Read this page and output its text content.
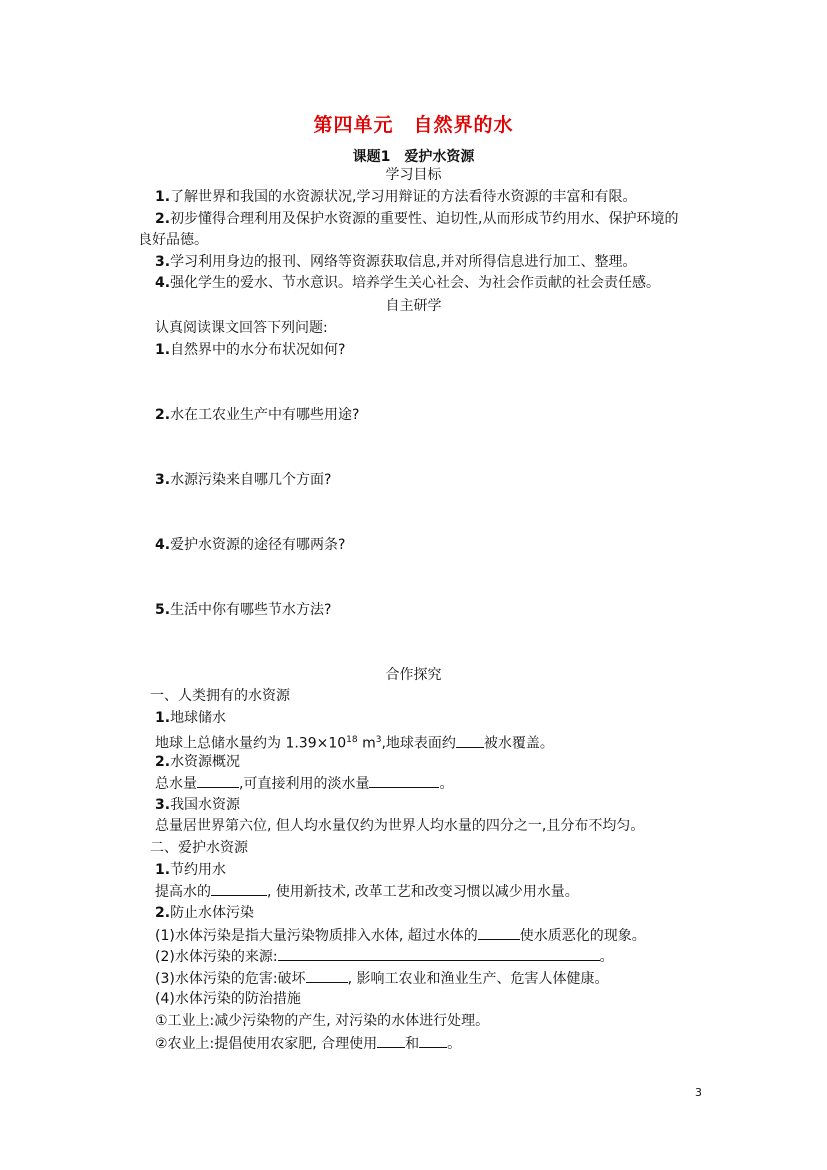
第四单元　自然界的水
课题1　爱护水资源
学习目标
1.了解世界和我国的水资源状况,学习用辩证的方法看待水资源的丰富和有限。
2.初步懂得合理利用及保护水资源的重要性、迫切性,从而形成节约用水、保护环境的
良好品德。
3.学习利用身边的报刊、网络等资源获取信息,并对所得信息进行加工、整理。
4.强化学生的爱水、节水意识。培养学生关心社会、为社会作贡献的社会责任感。
自主研学
认真阅读课文回答下列问题:
1.自然界中的水分布状况如何?
2.水在工农业生产中有哪些用途?
3.水源污染来自哪几个方面?
4.爱护水资源的途径有哪两条?
5.生活中你有哪些节水方法?
合作探究
一、人类拥有的水资源
1.地球储水
地球上总储水量约为 $1.39\times 10^{18}$ $m^3$,地球表面约 被水覆盖。
2.水资源概况
总水量	,可直接利用的淡水量	。
3.我国水资源
总量居世界第六位, 但人均水量仅约为世界人均水量的四分之一,且分布不均匀。
二、爱护水资源
1.节约用水
提高水的	, 使用新技术, 改革工艺和改变习惯以减少用水量。
2.防止水体污染
(1)水体污染是指大量污染物质排入水体, 超过水体的	使水质恶化的现象。
(2)水体污染的来源:	。
(3)水体污染的危害:破坏	, 影响工农业和渔业生产、危害人体健康。
(4)水体污染的防治措施
①工业上:减少污染物的产生, 对污染的水体进行处理。
②农业上:提倡使用农家肥, 合理使用 和 。
3
